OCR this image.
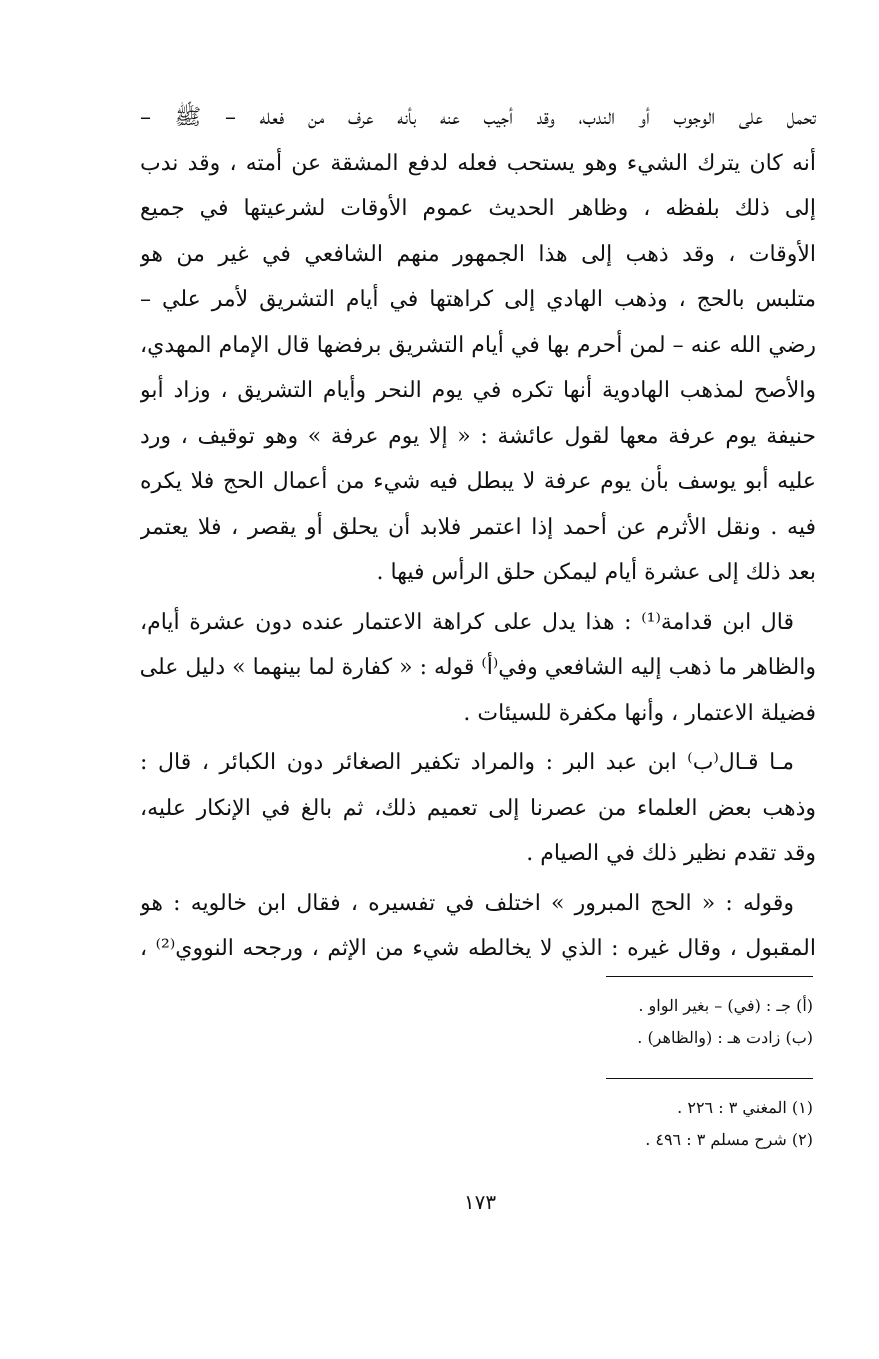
تحمل على الوجوب أو الندب، وقد أجيب عنه بأنه عرف من فعله – ﷺ –
أنه كان يترك الشيء وهو يستحب فعله لدفع المشقة عن أمته ، وقد ندب
إلى ذلك بلفظه ، وظاهر الحديث عموم الأوقات لشرعيتها في جميع
الأوقات ، وقد ذهب إلى هذا الجمهور منهم الشافعي في غير من هو
متلبس بالحج ، وذهب الهادي إلى كراهتها في أيام التشريق لأمر علي –
رضي الله عنه – لمن أحرم بها في أيام التشريق برفضها قال الإمام المهدي،
والأصح لمذهب الهادوية أنها تكره في يوم النحر وأيام التشريق ، وزاد أبو
حنيفة يوم عرفة معها لقول عائشة : « إلا يوم عرفة » وهو توقيف ، ورد
عليه أبو يوسف بأن يوم عرفة لا يبطل فيه شيء من أعمال الحج فلا يكره
فيه . ونقل الأثرم عن أحمد إذا اعتمر فلابد أن يحلق أو يقصر ، فلا يعتمر
بعد ذلك إلى عشرة أيام ليمكن حلق الرأس فيها .
قال ابن قدامة⁽¹⁾ : هذا يدل على كراهة الاعتمار عنده دون عشرة أيام،
والظاهر ما ذهب إليه الشافعي وفي⁽أ⁾ قوله : « كفارة لما بينهما » دليل على
فضيلة الاعتمار ، وأنها مكفرة للسيئات .
مـا قـال⁽ب⁾ ابن عبد البر : والمراد تكفير الصغائر دون الكبائر ، قال :
وذهب بعض العلماء من عصرنا إلى تعميم ذلك، ثم بالغ في الإنكار عليه،
وقد تقدم نظير ذلك في الصيام .
وقوله : « الحج المبرور » اختلف في تفسيره ، فقال ابن خالويه : هو
المقبول ، وقال غيره : الذي لا يخالطه شيء من الإثم ، ورجحه النووي⁽²⁾ ،
(أ) جـ : (في) – بغير الواو .
(ب) زادت هـ : (والظاهر) .
(١) المغني ٣ : ٢٢٦ .
(٢) شرح مسلم ٣ : ٤٩٦ .
١٧٣
